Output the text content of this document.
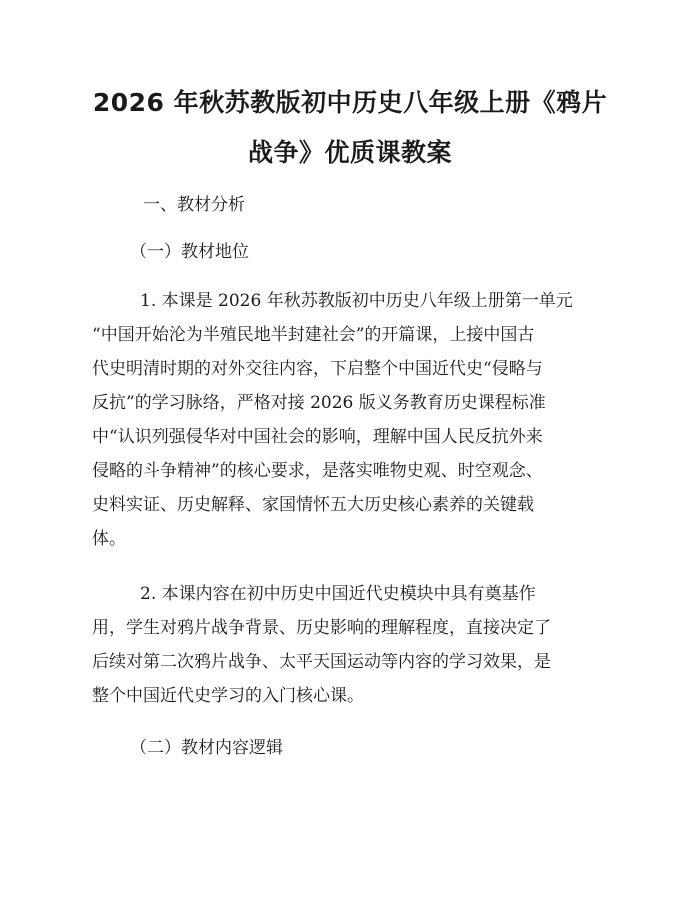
2026 年秋苏教版初中历史八年级上册《鸦片
战争》优质课教案
一、教材分析
（一）教材地位
1. 本课是 2026 年秋苏教版初中历史八年级上册第一单元
“中国开始沦为半殖民地半封建社会”的开篇课，上接中国古
代史明清时期的对外交往内容，下启整个中国近代史“侵略与
反抗”的学习脉络，严格对接 2026 版义务教育历史课程标准
中“认识列强侵华对中国社会的影响，理解中国人民反抗外来
侵略的斗争精神”的核心要求，是落实唯物史观、时空观念、
史料实证、历史解释、家国情怀五大历史核心素养的关键载
体。
2. 本课内容在初中历史中国近代史模块中具有奠基作
用，学生对鸦片战争背景、历史影响的理解程度，直接决定了
后续对第二次鸦片战争、太平天国运动等内容的学习效果，是
整个中国近代史学习的入门核心课。
（二）教材内容逻辑
